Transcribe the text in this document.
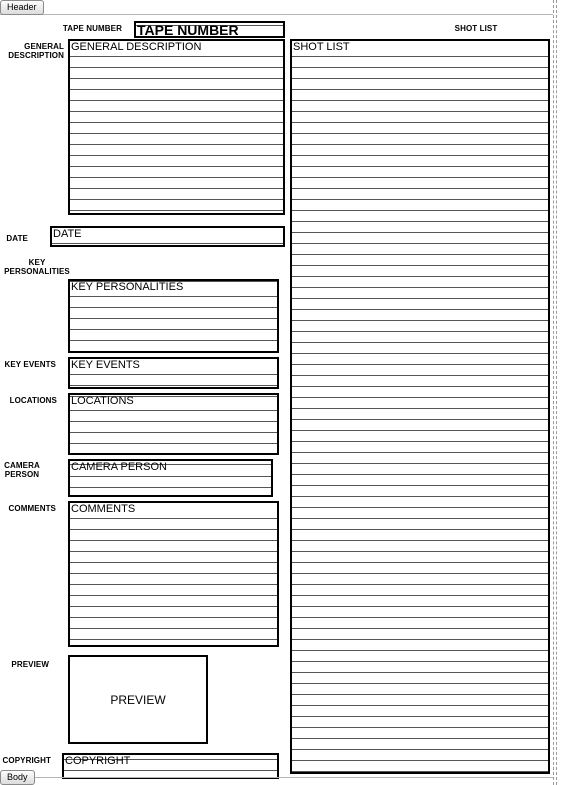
Header
TAPE NUMBER TAPE NUMBER	SHOT LIST
GENERAL
DESCRIPTION
GENERAL DESCRIPTION	SHOT LIST
DATE DATE
KEY
PERSONALITIES
KEY PERSONALITIES
KEY EVENTS KEY EVENTS
LOCATIONS LOCATIONS
CAMERA
PERSON
CAMERA PERSON
COMMENTS COMMENTS
PREVIEW
PREVIEW
COPYRIGHT COPYRIGHT
Body
